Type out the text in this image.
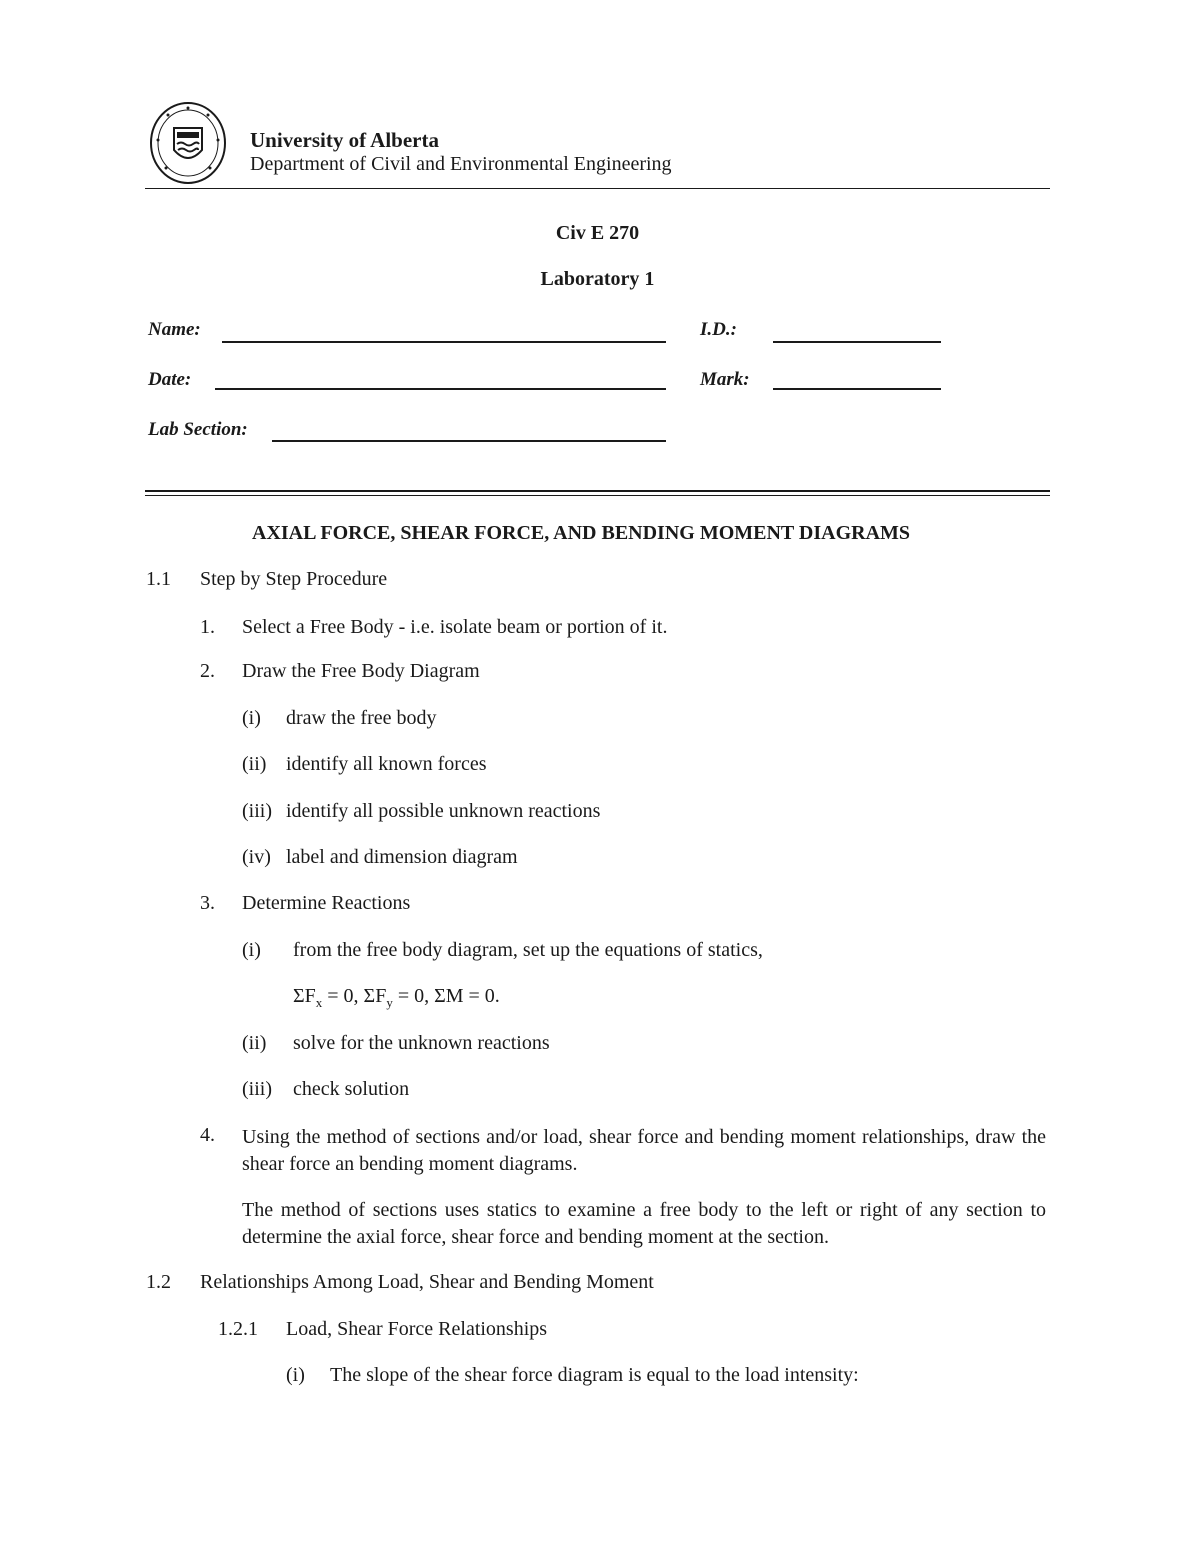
University of Alberta
Department of Civil and Environmental Engineering
Civ E 270
Laboratory 1
Name:	I.D.:
Date:	Mark:
Lab Section:
AXIAL FORCE, SHEAR FORCE, AND BENDING MOMENT DIAGRAMS
1.1 Step by Step Procedure
1. Select a Free Body - i.e. isolate beam or portion of it.
2. Draw the Free Body Diagram
(i) draw the free body
(ii) identify all known forces
(iii) identify all possible unknown reactions
(iv) label and dimension diagram
3. Determine Reactions
(i) from the free body diagram, set up the equations of statics,
$\Sigma F_x = 0$, $\Sigma F_y = 0$, ΣM = 0.
(ii) solve for the unknown reactions
(iii) check solution
4. Using the method of sections and/or load, shear force and bending moment relationships, draw the shear force an bending moment diagrams.
The method of sections uses statics to examine a free body to the left or right of any section to determine the axial force, shear force and bending moment at the section.
1.2 Relationships Among Load, Shear and Bending Moment
1.2.1 Load, Shear Force Relationships
(i) The slope of the shear force diagram is equal to the load intensity:
